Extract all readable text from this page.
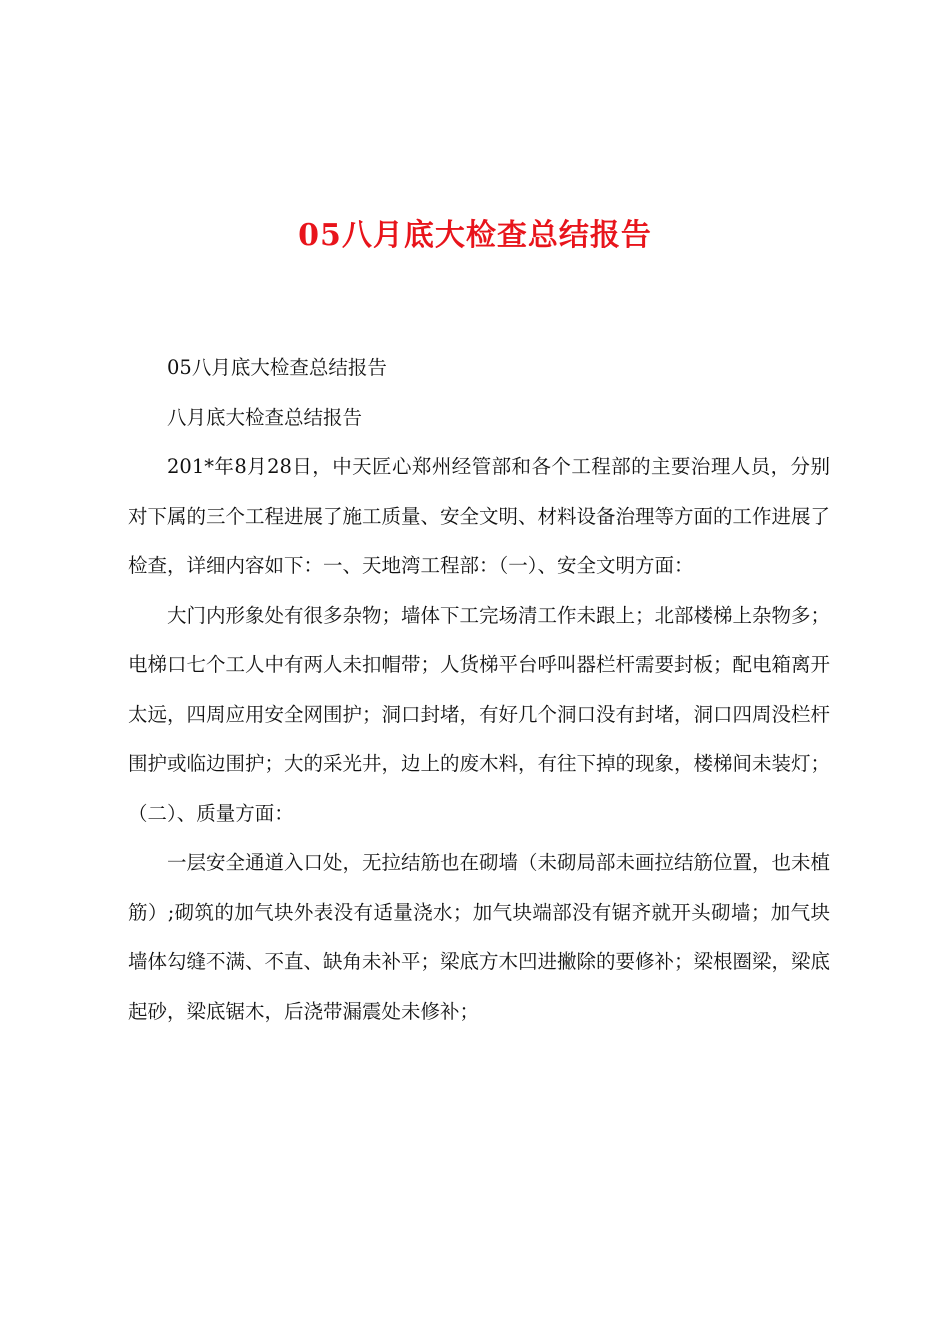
05八月底大检查总结报告

05八月底大检查总结报告

八月底大检查总结报告

201*年8月28日，中天匠心郑州经管部和各个工程部的主要治理人员，分别对下属的三个工程进展了施工质量、安全文明、材料设备治理等方面的工作进展了检查，详细内容如下：一、天地湾工程部：（一）、安全文明方面：

大门内形象处有很多杂物；墙体下工完场清工作未跟上；北部楼梯上杂物多；电梯口七个工人中有两人未扣帽带；人货梯平台呼叫器栏杆需要封板；配电箱离开太远，四周应用安全网围护；洞口封堵，有好几个洞口没有封堵，洞口四周没栏杆围护或临边围护；大的采光井，边上的废木料，有往下掉的现象，楼梯间未装灯；（二）、质量方面：

一层安全通道入口处，无拉结筋也在砌墙（未砌局部未画拉结筋位置，也未植筋）;砌筑的加气块外表没有适量浇水；加气块端部没有锯齐就开头砌墙；加气块墙体勾缝不满、不直、缺角未补平；梁底方木凹进撇除的要修补；梁根圈梁，梁底起砂，梁底锯木，后浇带漏震处未修补；
